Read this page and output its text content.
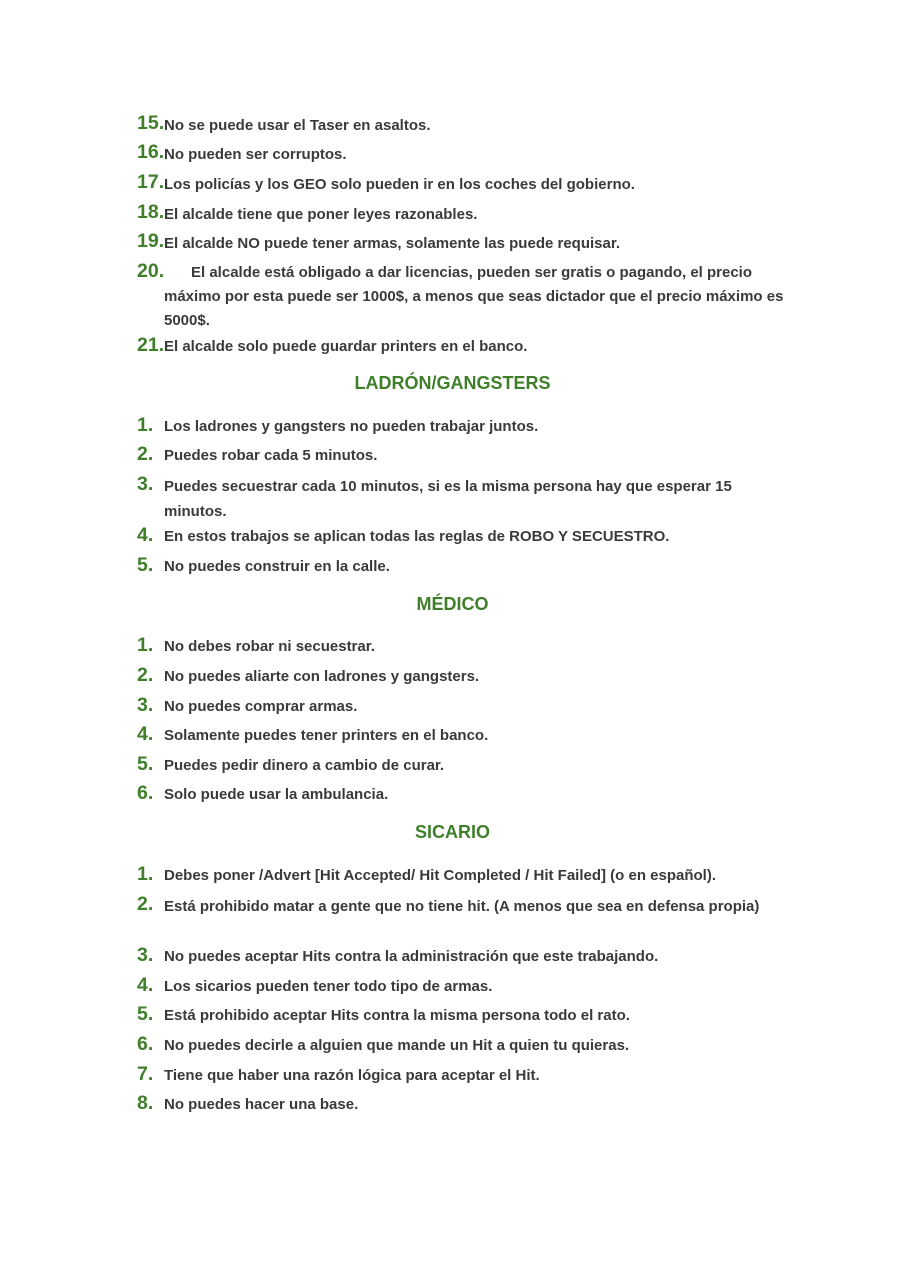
15. No se puede usar el Taser en asaltos.
16. No pueden ser corruptos.
17. Los policías y los GEO solo pueden ir en los coches del gobierno.
18. El alcalde tiene que poner leyes razonables.
19. El alcalde NO puede tener armas, solamente las puede requisar.
20.	El alcalde está obligado a dar licencias, pueden ser gratis o pagando, el precio máximo por esta puede ser 1000$, a menos que seas dictador que el precio máximo es 5000$.
21. El alcalde solo puede guardar printers en el banco.
LADRÓN/GANGSTERS
1. Los ladrones y gangsters no pueden trabajar juntos.
2. Puedes robar cada 5 minutos.
3. Puedes secuestrar cada 10 minutos, si es la misma persona hay que esperar 15 minutos.
4. En estos trabajos se aplican todas las reglas de ROBO Y SECUESTRO.
5. No puedes construir en la calle.
MÉDICO
1. No debes robar ni secuestrar.
2. No puedes aliarte con ladrones y gangsters.
3. No puedes comprar armas.
4. Solamente puedes tener printers en el banco.
5. Puedes pedir dinero a cambio de curar.
6. Solo puede usar la ambulancia.
SICARIO
1. Debes poner /Advert [Hit Accepted/ Hit Completed / Hit Failed] (o en español).
2. Está prohibido matar a gente que no tiene hit. (A menos que sea en defensa propia)
3. No puedes aceptar Hits contra la administración que este trabajando.
4. Los sicarios pueden tener todo tipo de armas.
5. Está prohibido aceptar Hits contra la misma persona todo el rato.
6. No puedes decirle a alguien que mande un Hit a quien tu quieras.
7. Tiene que haber una razón lógica para aceptar el Hit.
8. No puedes hacer una base.
